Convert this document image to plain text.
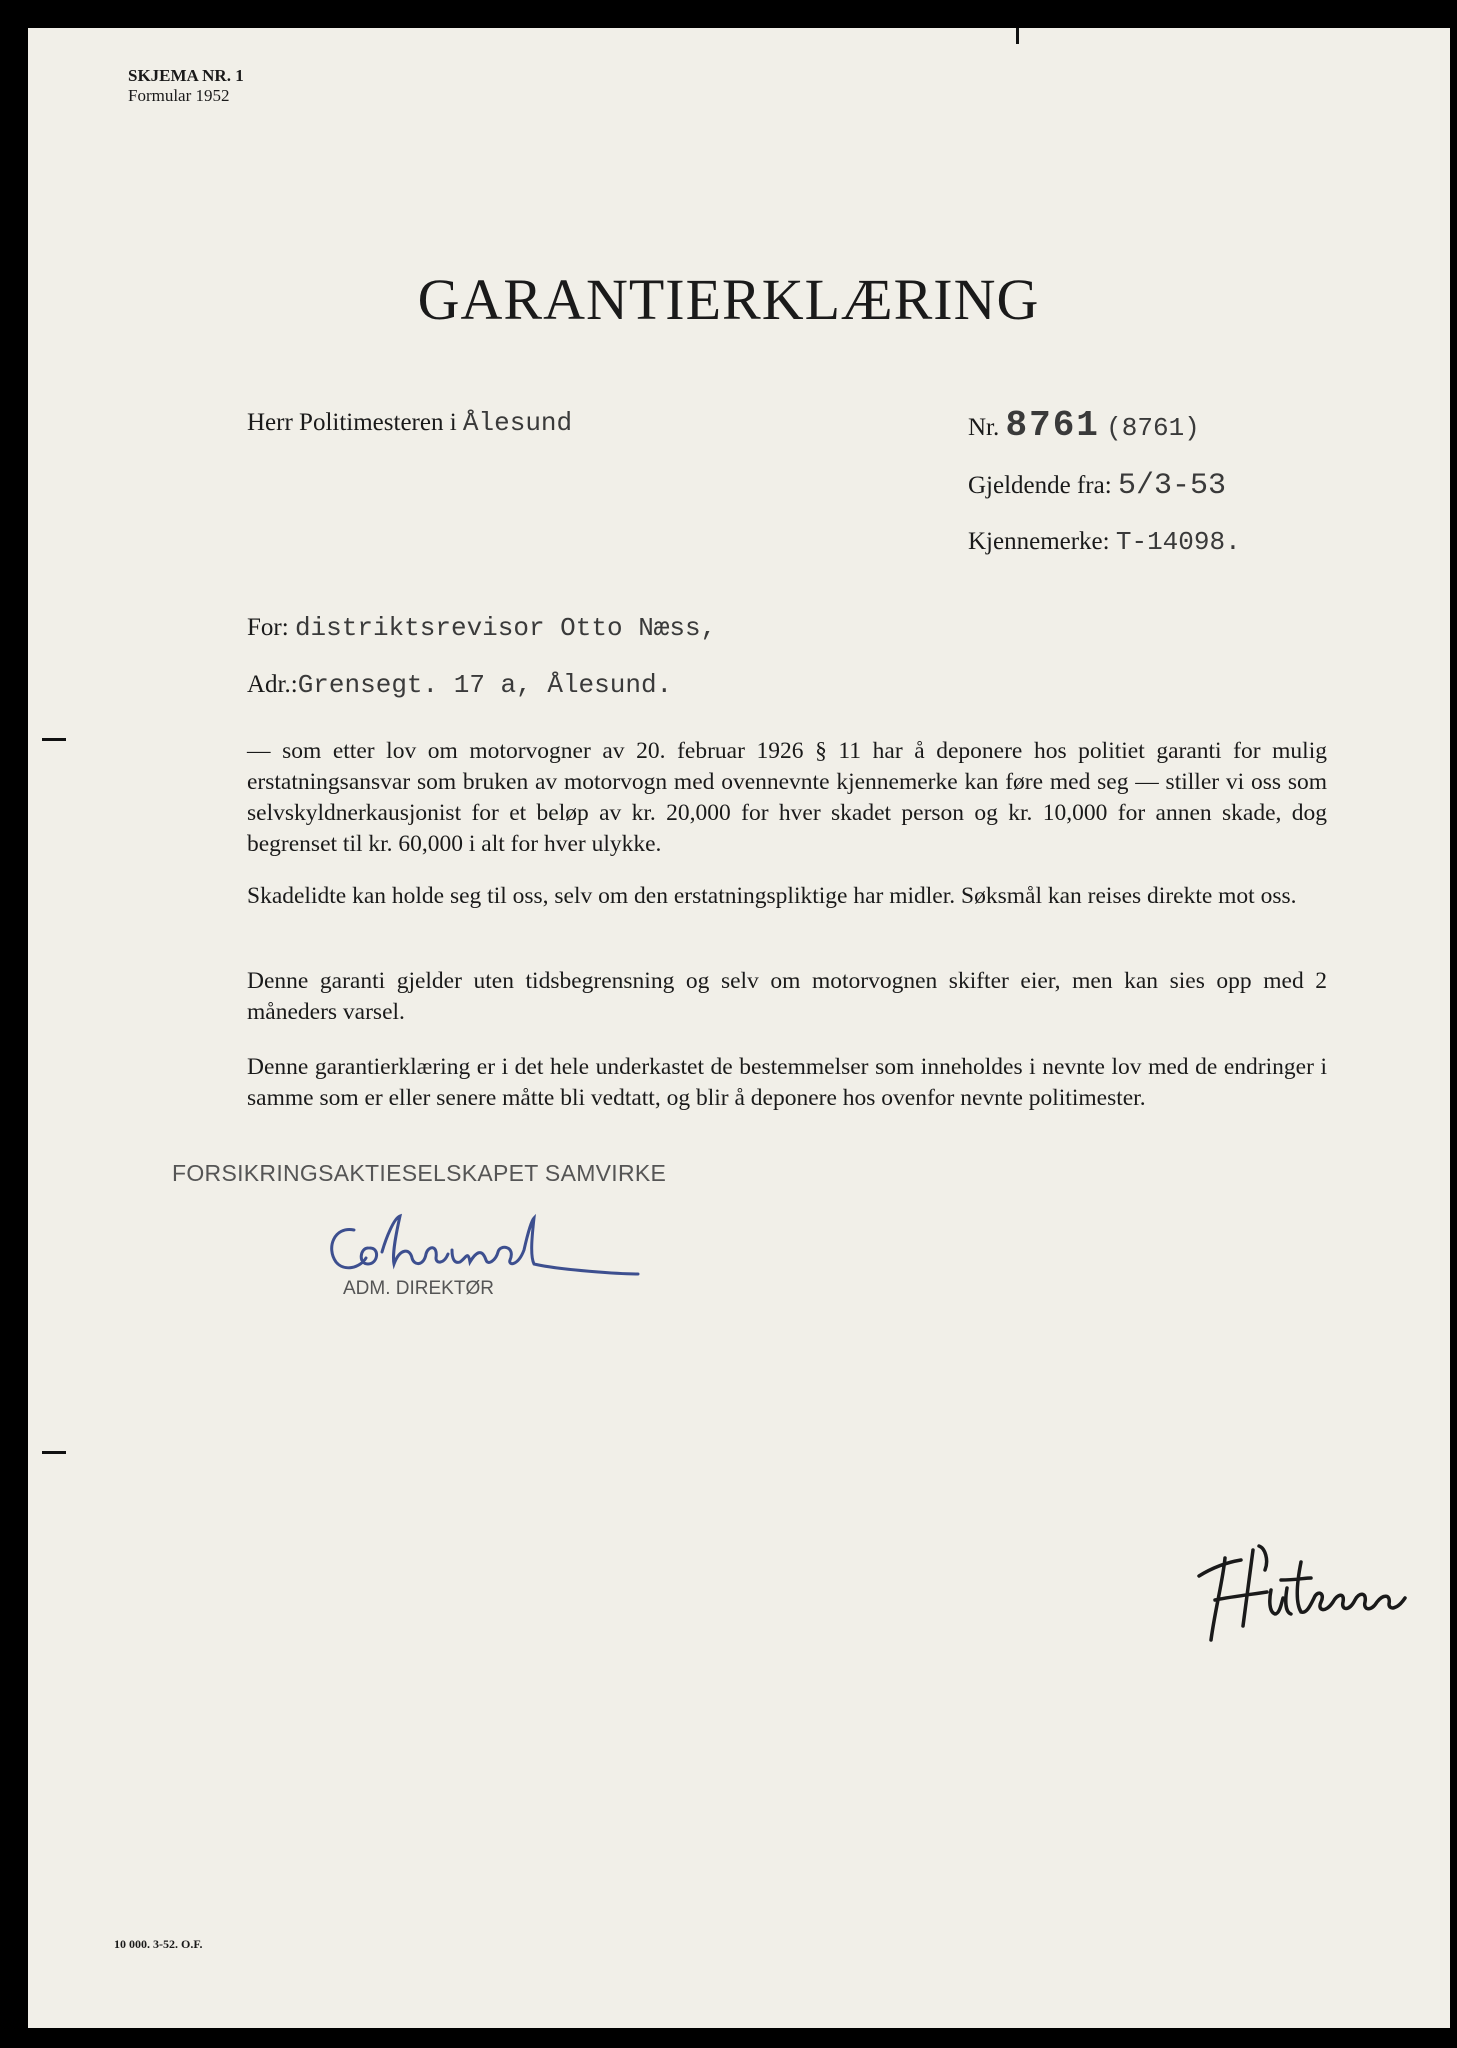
SKJEMA NR. 1
Formular 1952
GARANTIERKLÆRING
Herr Politimesteren i Ålesund	Nr. 8761 (8761)
Gjeldende fra: 5/3-53
Kjennemerke: T-14098.
For: distriktsrevisor Otto Næss,
Adr.:Grensegt. 17 a, Ålesund.
— som etter lov om motorvogner av 20. februar 1926 § 11 har å deponere hos politiet garanti for mulig erstatningsansvar som bruken av motorvogn med ovennevnte kjennemerke kan føre med seg — stiller vi oss som selvskyldnerkausjonist for et beløp av kr. 20,000 for hver skadet person og kr. 10,000 for annen skade, dog begrenset til kr. 60,000 i alt for hver ulykke.
Skadelidte kan holde seg til oss, selv om den erstatningspliktige har midler. Søksmål kan reises direkte mot oss.
Denne garanti gjelder uten tidsbegrensning og selv om motorvognen skifter eier, men kan sies opp med 2 måneders varsel.
Denne garantierklæring er i det hele underkastet de bestemmelser som inneholdes i nevnte lov med de endringer i samme som er eller senere måtte bli vedtatt, og blir å deponere hos ovenfor nevnte politimester.
FORSIKRINGSAKTIESELSKAPET SAMVIRKE
ADM. DIREKTØR
10 000. 3-52. O.F.
